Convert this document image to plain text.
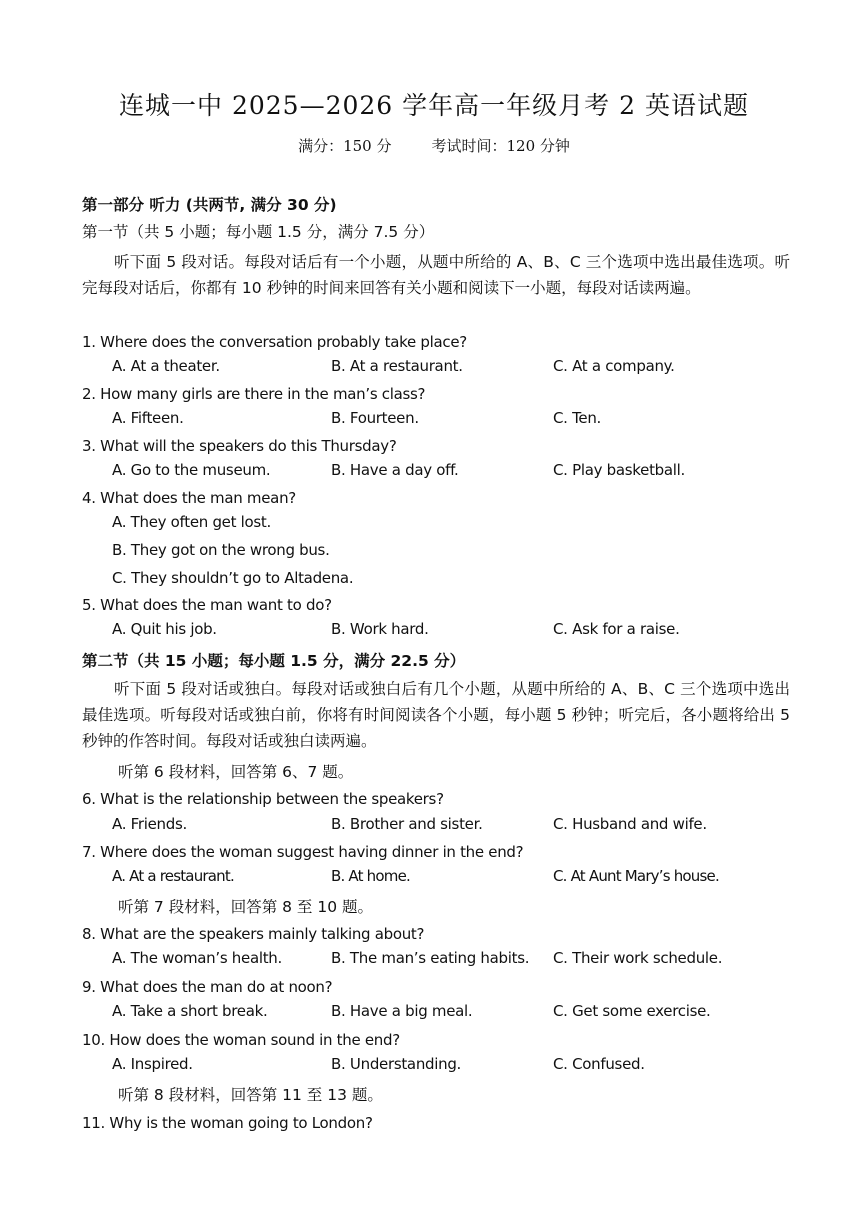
连城一中 2025—2026 学年高一年级月考 2 英语试题
满分：150 分	考试时间：120 分钟
第一部分 听力 (共两节, 满分 30 分)
第一节（共 5 小题；每小题 1.5 分，满分 7.5 分）
听下面 5 段对话。每段对话后有一个小题，从题中所给的 A、B、C 三个选项中选出最佳选项。听完每段对话后，你都有 10 秒钟的时间来回答有关小题和阅读下一小题，每段对话读两遍。
1. Where does the conversation probably take place?
A. At a theater.	B. At a restaurant.	C. At a company.
2. How many girls are there in the man’s class?
A. Fifteen.	B. Fourteen.	C. Ten.
3. What will the speakers do this Thursday?
A. Go to the museum.	B. Have a day off.	C. Play basketball.
4. What does the man mean?
A. They often get lost.
B. They got on the wrong bus.
C. They shouldn’t go to Altadena.
5. What does the man want to do?
A. Quit his job.	B. Work hard.	C. Ask for a raise.
第二节（共 15 小题；每小题 1.5 分，满分 22.5 分）
听下面 5 段对话或独白。每段对话或独白后有几个小题，从题中所给的 A、B、C 三个选项中选出最佳选项。听每段对话或独白前，你将有时间阅读各个小题，每小题 5 秒钟；听完后，各小题将给出 5 秒钟的作答时间。每段对话或独白读两遍。
听第 6 段材料，回答第 6、7 题。
6. What is the relationship between the speakers?
A. Friends.	B. Brother and sister.	C. Husband and wife.
7. Where does the woman suggest having dinner in the end?
A. At a restaurant.	B. At home.	C. At Aunt Mary’s house.
听第 7 段材料，回答第 8 至 10 题。
8. What are the speakers mainly talking about?
A. The woman’s health.	B. The man’s eating habits. C. Their work schedule.
9. What does the man do at noon?
A. Take a short break.	B. Have a big meal.	C. Get some exercise.
10. How does the woman sound in the end?
A. Inspired.	B. Understanding.	C. Confused.
听第 8 段材料，回答第 11 至 13 题。
11. Why is the woman going to London?
